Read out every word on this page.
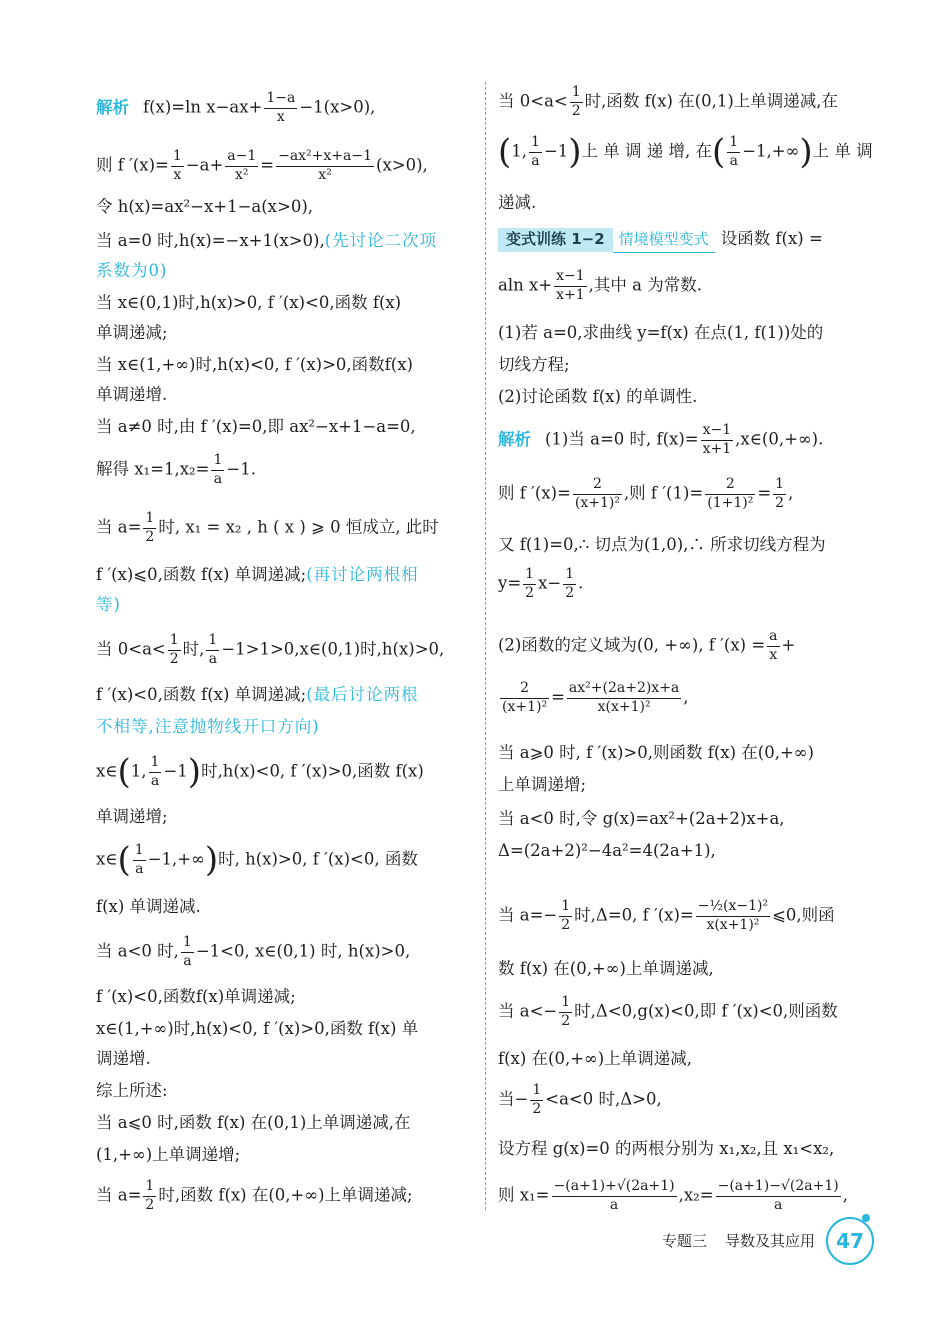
解析 f(x)=ln $x-ax+ \frac{1-a}{x} -1(x>0)$,
则 f $'(x)= \frac{1}{x} -a+ \frac{a-1}{\text{x²}} = \frac{\text{−ax²+x+a−1}}{\text{x²}} (x>0)$,
令 h(x)=ax²−x+1−a(x>0),
当 a=0 时,h(x)=−x+1(x>0),(先讨论二次项
系数为0)
当 x∈(0,1)时,h(x)>0, f ′(x)<0,函数 f(x)
单调递减;
当 x∈(1,+∞)时,h(x)<0, f ′(x)>0,函数f(x)
单调递增.
当 a≠0 时,由 f ′(x)=0,即 ax²−x+1−a=0,
解得 $x_1=1,x_2= \frac{1}{a} -1$.
当 $a= \frac{1}{2}$ 时, x₁ = x₂ , h ( x ) ⩾ 0 恒成立, 此时
f ′(x)⩽0,函数 f(x) 单调递减;(再讨论两根相
等)
当 $0<a< \frac{1}{2}$ 时, $\frac{1}{a}$ −1>1>0,x∈(0,1)时,h(x)>0,
f ′(x)<0,函数 f(x) 单调递减;(最后讨论两根
不相等,注意抛物线开口方向)
x∈(1, $\frac{1}{a} -1$)时,h(x)<0, f ′(x)>0,函数 f(x)
单调递增;
x∈( $\frac{1}{a} -1,+\infty$)时, h(x)>0, f ′(x)<0, 函数
f(x) 单调递减.
当 a<0 时, $\frac{1}{a} -1<0$, x∈(0,1) 时, h(x)>0,
f ′(x)<0,函数f(x)单调递减;
x∈(1,+∞)时,h(x)<0, f ′(x)>0,函数 f(x) 单
调递增.
综上所述:
当 a⩽0 时,函数 f(x) 在(0,1)上单调递减,在
(1,+∞)上单调递增;
当 $a= \frac{1}{2}$ 时,函数 f(x) 在(0,+∞)上单调递减;
当 $0<a< \frac{1}{2}$ 时,函数 f(x) 在(0,1)上单调递减,在
(1, $\frac{1}{a} -1$)上 单 调 递 增, 在( $\frac{1}{a} -1,+\infty$)上 单 调
递减.
变式训练 1−2 情境模型变式 设函数 f(x) =
aln $x+ \frac{x-1}{x+1}$ ,其中 a 为常数.
(1)若 a=0,求曲线 y=f(x) 在点(1, f(1))处的
切线方程;
(2)讨论函数 f(x) 的单调性.
解析 (1)当 a=0 时, $f(x)= \frac{x-1}{x+1}$ ,x∈(0,+∞).
则 f $'(x)= \frac{2}{\text{(x+1)²}}$ ,则 f $'(1)= \frac{2}{\text{(1+1)²}} = \frac{1}{2}$ ,
又 f(1)=0,∴ 切点为(1,0),∴ 所求切线方程为
$y= \frac{1}{2} x- \frac{1}{2}$ .
(2)函数的定义域为(0, +∞), f $'(x) = \frac{a}{x}$ +
$\frac{2}{\text{(x+1)²}} = \frac{\text{ax²+(2a+2)x+a}}{\text{x(x+1)²}}$ ,
当 a⩾0 时, f ′(x)>0,则函数 f(x) 在(0,+∞)
上单调递增;
当 a<0 时,令 g(x)=ax²+(2a+2)x+a,
Δ=(2a+2)²−4a²=4(2a+1),
当 $a=- \frac{1}{2}$ 时,Δ=0, f $'(x)= \frac{\text{−½(x−1)²}}{\text{x(x+1)²}}$ ⩽0,则函
数 f(x) 在(0,+∞)上单调递减,
当 $a<- \frac{1}{2}$ 时,Δ<0,g(x)<0,即 f ′(x)<0,则函数
f(x) 在(0,+∞)上单调递减,
当− $\frac{1}{2} <a<0$ 时,Δ>0,
设方程 g(x)=0 的两根分别为 x₁,x₂,且 x₁<x₂,
则 $x_1= \frac{-(a+1)+√(2a+1)}{a} ,x_2= \frac{-(a+1)-√(2a+1)}{a}$ ,
专题三 导数及其应用	47
